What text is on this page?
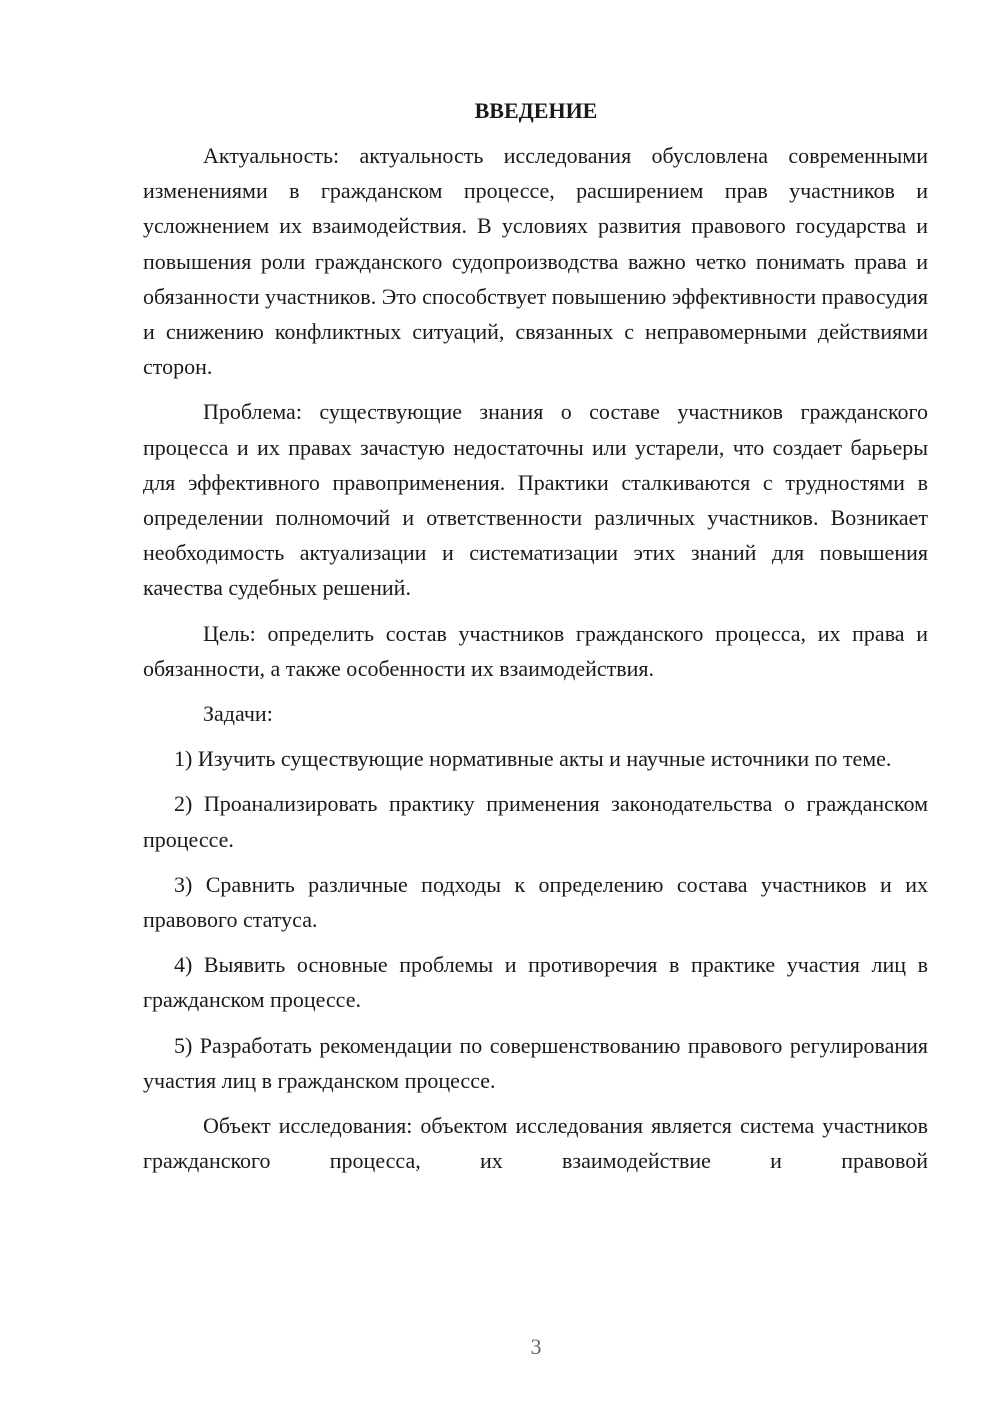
ВВЕДЕНИЕ

Актуальность: актуальность исследования обусловлена современными изменениями в гражданском процессе, расширением прав участников и усложнением их взаимодействия. В условиях развития правового государства и повышения роли гражданского судопроизводства важно четко понимать права и обязанности участников. Это способствует повышению эффективности правосудия и снижению конфликтных ситуаций, связанных с неправомерными действиями сторон.

Проблема: существующие знания о составе участников гражданского процесса и их правах зачастую недостаточны или устарели, что создает барьеры для эффективного правоприменения. Практики сталкиваются с трудностями в определении полномочий и ответственности различных участников. Возникает необходимость актуализации и систематизации этих знаний для повышения качества судебных решений.

Цель: определить состав участников гражданского процесса, их права и обязанности, а также особенности их взаимодействия.

Задачи:

1) Изучить существующие нормативные акты и научные источники по теме.

2) Проанализировать практику применения законодательства о гражданском процессе.

3) Сравнить различные подходы к определению состава участников и их правового статуса.

4) Выявить основные проблемы и противоречия в практике участия лиц в гражданском процессе.

5) Разработать рекомендации по совершенствованию правового регулирования участия лиц в гражданском процессе.

Объект исследования: объектом исследования является система участников гражданского процесса, их взаимодействие и правовой

3
